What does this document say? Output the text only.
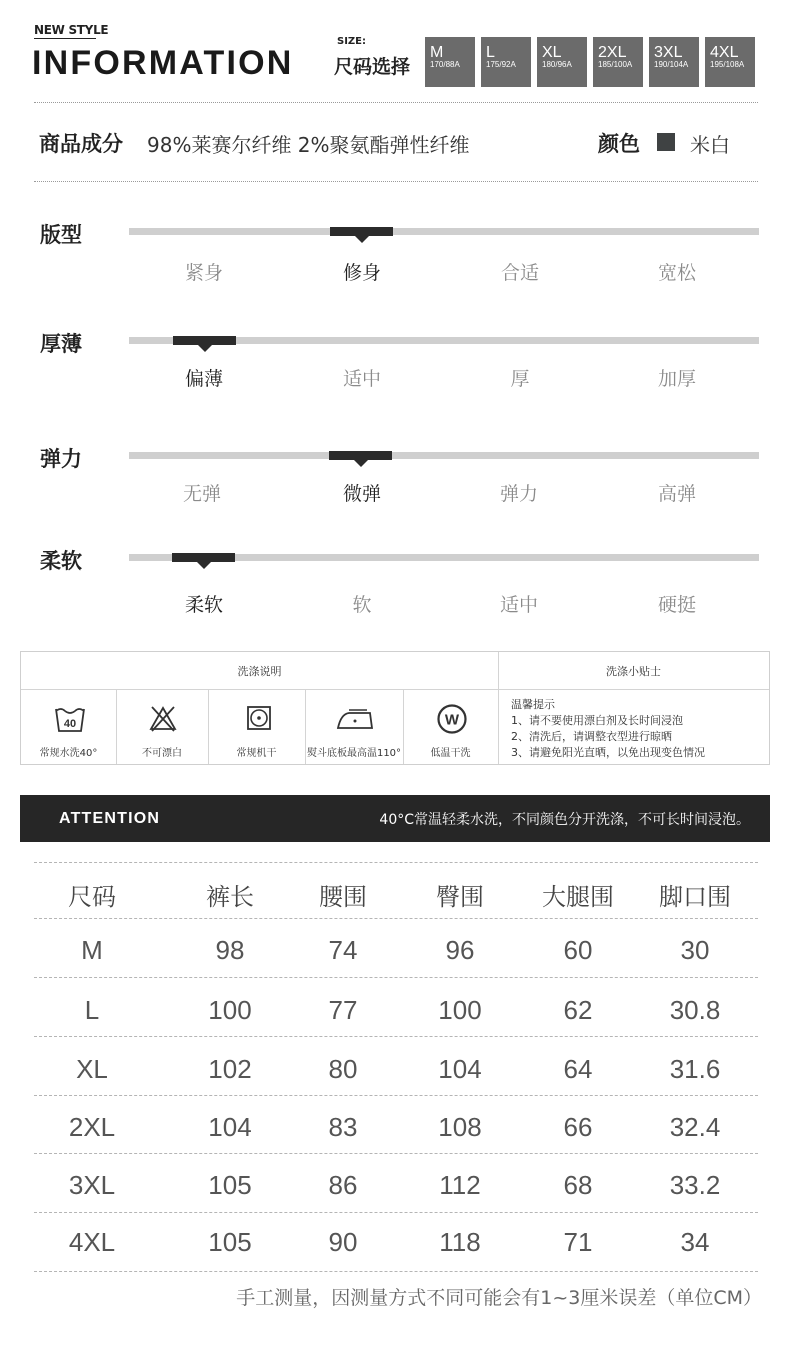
NEW STYLE
INFORMATION
SIZE:
尺码选择
M
170/88A
L
175/92A
XL
180/96A
2XL
185/100A
3XL
190/104A
4XL
195/108A
商品成分 98%莱赛尔纤维 2%聚氨酯弹性纤维	颜色	米白
版型
紧身	修身	合适	宽松
厚薄
偏薄	适中	厚	加厚
弹力
无弹	微弹	弹力	高弹
柔软
柔软	软	适中	硬挺
洗涤说明	洗涤小贴士
40
常规水洗40°	不可漂白	常规机干	熨斗底板最高温110°
W
低温干洗
温馨提示
1、请不要使用漂白剂及长时间浸泡
2、清洗后，请调整衣型进行晾晒
3、请避免阳光直晒，以免出现变色情况
ATTENTION	40°C常温轻柔水洗，不同颜色分开洗涤，不可长时间浸泡。
尺码	裤长	腰围	臀围	大腿围	脚口围
M	98	74	96	60	30
L	100	77	100	62	30.8
XL	102	80	104	64	31.6
2XL	104	83	108	66	32.4
3XL	105	86	112	68	33.2
4XL	105	90	118	71	34
手工测量，因测量方式不同可能会有1~3厘米误差（单位CM）
